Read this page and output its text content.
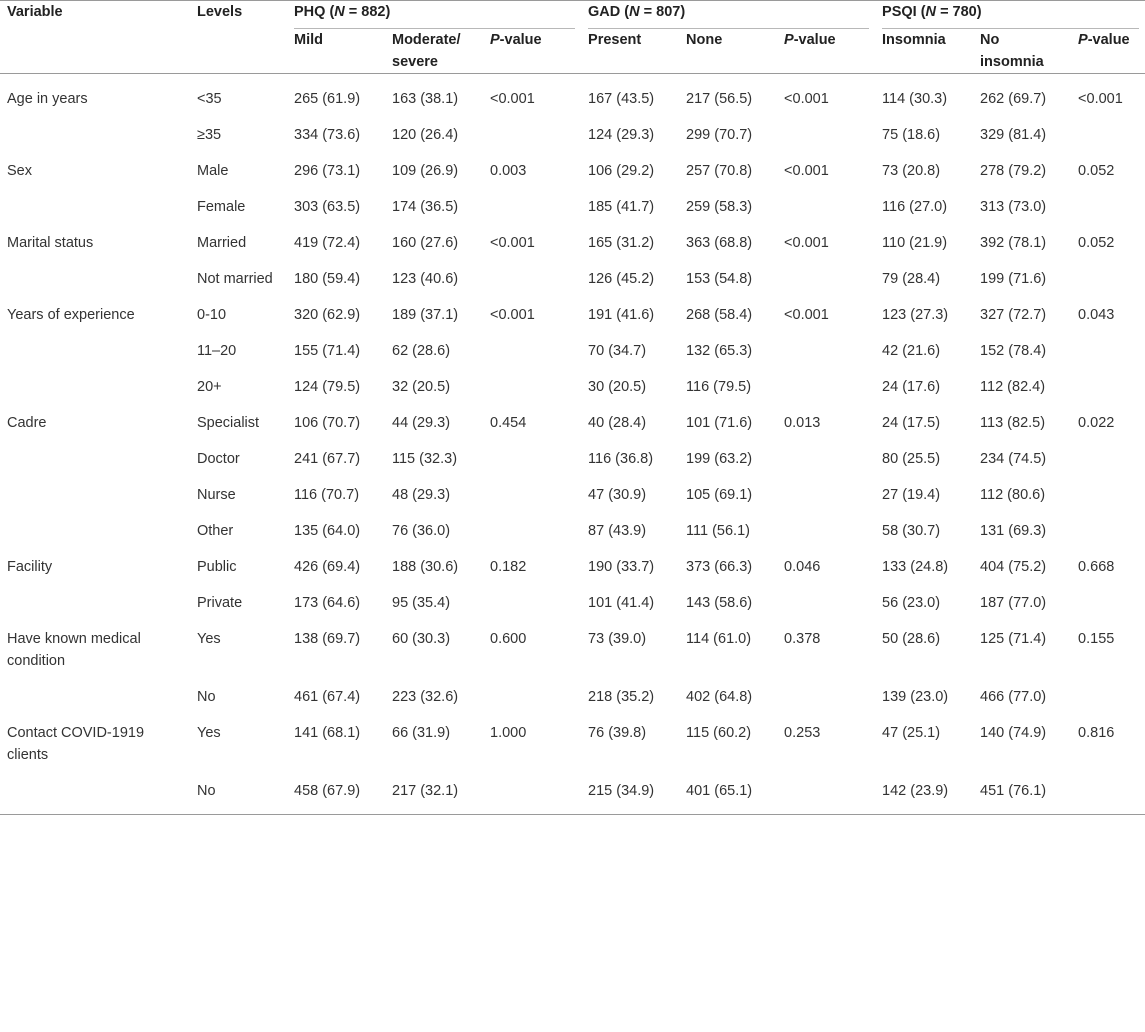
Variable	Levels	PHQ (N = 882)			GAD (N = 807)			PSQI (N = 780)		

		Mild	Moderate/ severe	P-value	Present	None	P-value	Insomnia	No insomnia	P-value
Age in years	<35	265 (61.9)	163 (38.1)	<0.001	167 (43.5)	217 (56.5)	<0.001	114 (30.3)	262 (69.7)	<0.001
	≥35	334 (73.6)	120 (26.4)		124 (29.3)	299 (70.7)		75 (18.6)	329 (81.4)	
Sex	Male	296 (73.1)	109 (26.9)	0.003	106 (29.2)	257 (70.8)	<0.001	73 (20.8)	278 (79.2)	0.052
	Female	303 (63.5)	174 (36.5)		185 (41.7)	259 (58.3)		116 (27.0)	313 (73.0)	
Marital status	Married	419 (72.4)	160 (27.6)	<0.001	165 (31.2)	363 (68.8)	<0.001	110 (21.9)	392 (78.1)	0.052
	Not married	180 (59.4)	123 (40.6)		126 (45.2)	153 (54.8)		79 (28.4)	199 (71.6)	
Years of experience	0-10	320 (62.9)	189 (37.1)	<0.001	191 (41.6)	268 (58.4)	<0.001	123 (27.3)	327 (72.7)	0.043
	11–20	155 (71.4)	62 (28.6)		70 (34.7)	132 (65.3)		42 (21.6)	152 (78.4)	
	20+	124 (79.5)	32 (20.5)		30 (20.5)	116 (79.5)		24 (17.6)	112 (82.4)	
Cadre	Specialist	106 (70.7)	44 (29.3)	0.454	40 (28.4)	101 (71.6)	0.013	24 (17.5)	113 (82.5)	0.022
	Doctor	241 (67.7)	115 (32.3)		116 (36.8)	199 (63.2)		80 (25.5)	234 (74.5)	
	Nurse	116 (70.7)	48 (29.3)		47 (30.9)	105 (69.1)		27 (19.4)	112 (80.6)	
	Other	135 (64.0)	76 (36.0)		87 (43.9)	111 (56.1)		58 (30.7)	131 (69.3)	
Facility	Public	426 (69.4)	188 (30.6)	0.182	190 (33.7)	373 (66.3)	0.046	133 (24.8)	404 (75.2)	0.668
	Private	173 (64.6)	95 (35.4)		101 (41.4)	143 (58.6)		56 (23.0)	187 (77.0)	
Have known medical condition	Yes	138 (69.7)	60 (30.3)	0.600	73 (39.0)	114 (61.0)	0.378	50 (28.6)	125 (71.4)	0.155
	No	461 (67.4)	223 (32.6)		218 (35.2)	402 (64.8)		139 (23.0)	466 (77.0)	
Contact COVID-1919 clients	Yes	141 (68.1)	66 (31.9)	1.000	76 (39.8)	115 (60.2)	0.253	47 (25.1)	140 (74.9)	0.816
	No	458 (67.9)	217 (32.1)		215 (34.9)	401 (65.1)		142 (23.9)	451 (76.1)	
